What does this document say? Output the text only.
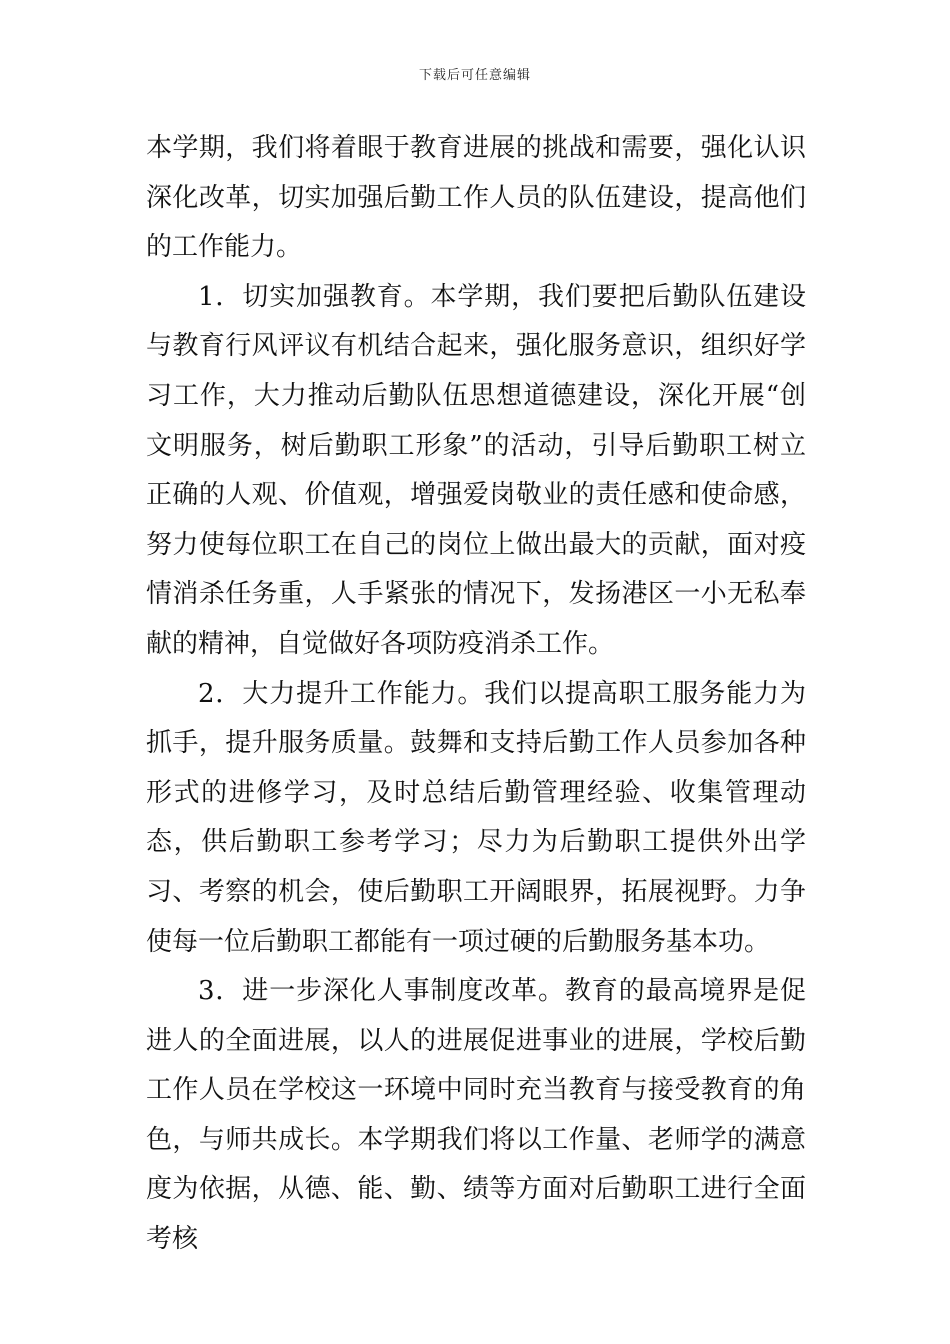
下载后可任意编辑

本学期，我们将着眼于教育进展的挑战和需要，强化认识深化改革，切实加强后勤工作人员的队伍建设，提高他们的工作能力。

1．切实加强教育。本学期，我们要把后勤队伍建设与教育行风评议有机结合起来，强化服务意识，组织好学习工作，大力推动后勤队伍思想道德建设，深化开展“创文明服务，树后勤职工形象”的活动，引导后勤职工树立正确的人观、价值观，增强爱岗敬业的责任感和使命感，努力使每位职工在自己的岗位上做出最大的贡献，面对疫情消杀任务重，人手紧张的情况下，发扬港区一小无私奉献的精神，自觉做好各项防疫消杀工作。

2．大力提升工作能力。我们以提高职工服务能力为抓手，提升服务质量。鼓舞和支持后勤工作人员参加各种形式的进修学习，及时总结后勤管理经验、收集管理动态，供后勤职工参考学习；尽力为后勤职工提供外出学习、考察的机会，使后勤职工开阔眼界，拓展视野。力争使每一位后勤职工都能有一项过硬的后勤服务基本功。

3．进一步深化人事制度改革。教育的最高境界是促进人的全面进展，以人的进展促进事业的进展，学校后勤工作人员在学校这一环境中同时充当教育与接受教育的角色，与师共成长。本学期我们将以工作量、老师学的满意度为依据，从德、能、勤、绩等方面对后勤职工进行全面考核
